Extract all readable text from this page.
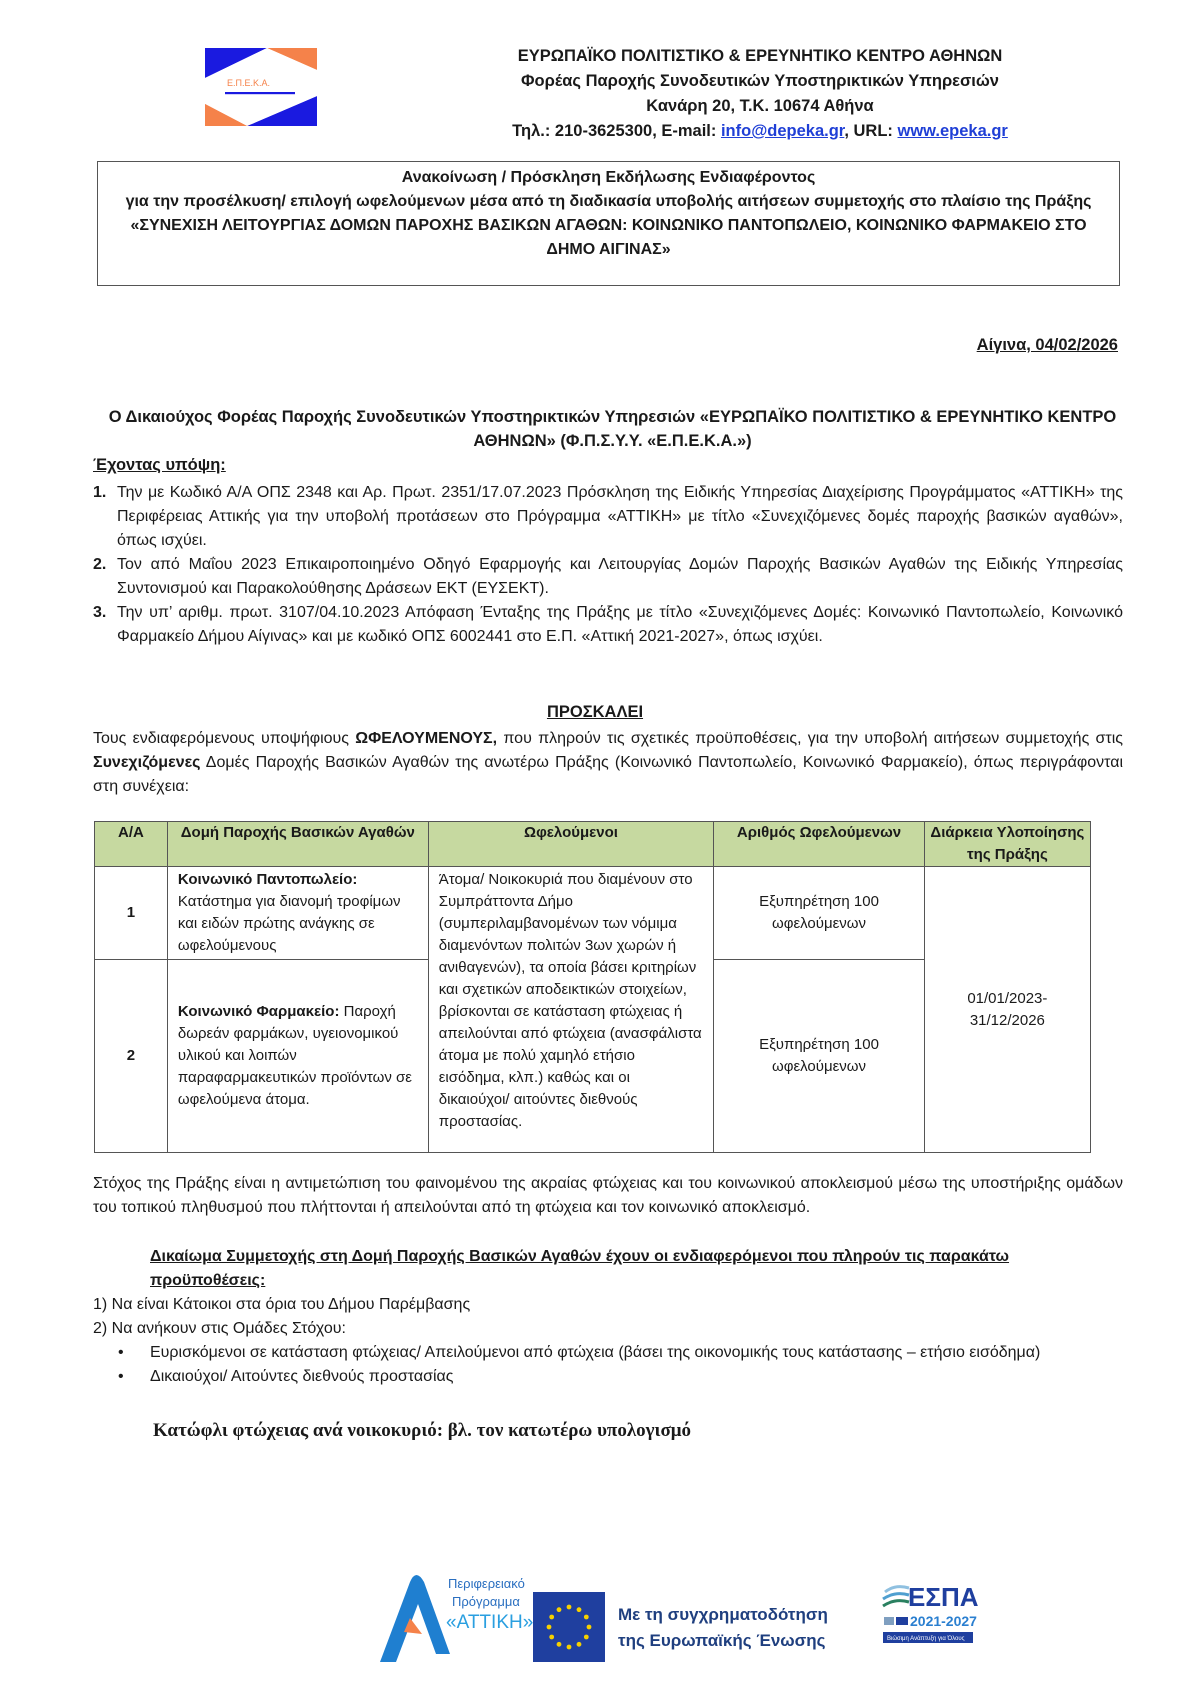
Ε.Π.Ε.Κ.Α.
ΕΥΡΩΠΑΪΚΟ ΠΟΛΙΤΙΣΤΙΚΟ & ΕΡΕΥΝΗΤΙΚΟ ΚΕΝΤΡΟ ΑΘΗΝΩΝ
Φορέας Παροχής Συνοδευτικών Υποστηρικτικών Υπηρεσιών
Κανάρη 20, Τ.Κ. 10674 Αθήνα
Τηλ.: 210-3625300, E-mail: info@depeka.gr, URL: www.epeka.gr
Ανακοίνωση / Πρόσκληση Εκδήλωσης Ενδιαφέροντος
για την προσέλκυση/ επιλογή ωφελούμενων μέσα από τη διαδικασία υποβολής αιτήσεων συμμετοχής στο πλαίσιο της Πράξης
«ΣΥΝΕΧΙΣΗ ΛΕΙΤΟΥΡΓΙΑΣ ΔΟΜΩΝ ΠΑΡΟΧΗΣ ΒΑΣΙΚΩΝ ΑΓΑΘΩΝ: ΚΟΙΝΩΝΙΚΟ ΠΑΝΤΟΠΩΛΕΙΟ, ΚΟΙΝΩΝΙΚΟ ΦΑΡΜΑΚΕΙΟ ΣΤΟ ΔΗΜΟ ΑΙΓΙΝΑΣ»
Αίγινα, 04/02/2026
Ο Δικαιούχος Φορέας Παροχής Συνοδευτικών Υποστηρικτικών Υπηρεσιών «ΕΥΡΩΠΑΪΚΟ ΠΟΛΙΤΙΣΤΙΚΟ & ΕΡΕΥΝΗΤΙΚΟ ΚΕΝΤΡΟ ΑΘΗΝΩΝ» (Φ.Π.Σ.Υ.Υ. «Ε.Π.Ε.Κ.Α.»)
Έχοντας υπόψη:
1. Την με Κωδικό Α/Α ΟΠΣ 2348 και Αρ. Πρωτ. 2351/17.07.2023 Πρόσκληση της Ειδικής Υπηρεσίας Διαχείρισης Προγράμματος «ΑΤΤΙΚΗ» της Περιφέρειας Αττικής για την υποβολή προτάσεων στο Πρόγραμμα «ΑΤΤΙΚΗ» με τίτλο «Συνεχιζόμενες δομές παροχής βασικών αγαθών», όπως ισχύει.
2. Τον από Μαΐου 2023 Επικαιροποιημένο Οδηγό Εφαρμογής και Λειτουργίας Δομών Παροχής Βασικών Αγαθών της Ειδικής Υπηρεσίας Συντονισμού και Παρακολούθησης Δράσεων ΕΚΤ (ΕΥΣΕΚΤ).
3. Την υπ’ αριθμ. πρωτ. 3107/04.10.2023 Απόφαση Ένταξης της Πράξης με τίτλο «Συνεχιζόμενες Δομές: Κοινωνικό Παντοπωλείο, Κοινωνικό Φαρμακείο Δήμου Αίγινας» και με κωδικό ΟΠΣ 6002441 στο Ε.Π. «Αττική 2021-2027», όπως ισχύει.
ΠΡΟΣΚΑΛΕΙ
Τους ενδιαφερόμενους υποψήφιους ΩΦΕΛΟΥΜΕΝΟΥΣ, που πληρούν τις σχετικές προϋποθέσεις, για την υποβολή αιτήσεων συμμετοχής στις Συνεχιζόμενες Δομές Παροχής Βασικών Αγαθών της ανωτέρω Πράξης (Κοινωνικό Παντοπωλείο, Κοινωνικό Φαρμακείο), όπως περιγράφονται στη συνέχεια:
Α/Α	Δομή Παροχής Βασικών Αγαθών	Ωφελούμενοι	Αριθμός Ωφελούμενων	Διάρκεια Υλοποίησης της Πράξης
1	Κοινωνικό Παντοπωλείο: Κατάστημα για διανομή τροφίμων και ειδών πρώτης ανάγκης σε ωφελούμενους	Άτομα/ Νοικοκυριά που διαμένουν στο Συμπράττοντα Δήμο (συμπεριλαμβανομένων των νόμιμα διαμενόντων πολιτών 3ων χωρών ή ανιθαγενών), τα οποία βάσει κριτηρίων και σχετικών αποδεικτικών στοιχείων, βρίσκονται σε κατάσταση φτώχειας ή απειλούνται από φτώχεια (ανασφάλιστα άτομα με πολύ χαμηλό ετήσιο εισόδημα, κλπ.) καθώς και οι δικαιούχοι/ αιτούντες διεθνούς προστασίας.	Εξυπηρέτηση 100 ωφελούμενων	01/01/2023-31/12/2026
2	Κοινωνικό Φαρμακείο: Παροχή δωρεάν φαρμάκων, υγειονομικού υλικού και λοιπών παραφαρμακευτικών προϊόντων σε ωφελούμενα άτομα.		Εξυπηρέτηση 100 ωφελούμενων	
Στόχος της Πράξης είναι η αντιμετώπιση του φαινομένου της ακραίας φτώχειας και του κοινωνικού αποκλεισμού μέσω της υποστήριξης ομάδων του τοπικού πληθυσμού που πλήττονται ή απειλούνται από τη φτώχεια και τον κοινωνικό αποκλεισμό.
Δικαίωμα Συμμετοχής στη Δομή Παροχής Βασικών Αγαθών έχουν οι ενδιαφερόμενοι που πληρούν τις παρακάτω προϋποθέσεις:
1) Να είναι Κάτοικοι στα όρια του Δήμου Παρέμβασης
2) Να ανήκουν στις Ομάδες Στόχου:
•	Ευρισκόμενοι σε κατάσταση φτώχειας/ Απειλούμενοι από φτώχεια (βάσει της οικονομικής τους κατάστασης – ετήσιο εισόδημα)
•	Δικαιούχοι/ Αιτούντες διεθνούς προστασίας
Κατώφλι φτώχειας ανά νοικοκυριό: βλ. τον κατωτέρω υπολογισμό
Περιφερειακό
Πρόγραμμα
«ΑΤΤΙΚΗ»	Με τη συγχρηματοδότηση
της Ευρωπαϊκής Ένωσης
ΕΣΠΑ
2021-2027
Βιώσιμη Ανάπτυξη για Όλους
